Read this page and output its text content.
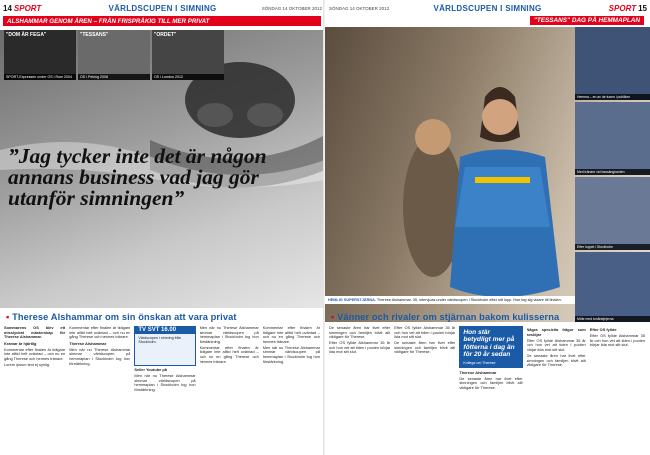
14 SPORT	VÄRLDSCUPEN I SIMNING	SÖNDAG 14 OKTOBER 2012
ALSHAMMAR GENOM ÅREN – FRÅN FRISPRÅKIG TILL MER PRIVAT
"DOM ÄR FEGA"
SPORT-Expressen under OS i Rom 2004
"TESSANS"
OS i Peking 2008
"ORDET"
OS i London 2012
”Jag tycker inte det är någon annans business vad jag gör utanför simningen”
▪ Therese Alshammar om sin önskan att vara privat

Sommarens OS blev ett misslyckat mästerskap för Therese Alshammar.

Kramar är hjärtlig

Kommentar efter finalen är tidigare inte alltid helt oväntad – och nu en gång Therese och hennes tränare.

Lorem ipsum text ej synlig.

Kommentar efter finalen är tidigare inte alltid helt oväntad – och nu en gång Therese och hennes tränare.

Therese Alshammar

Men när nu Therese Alshammar simmar världscupen på hemmaplan i Stockholm tog hon förstärkning.

TV SVT 16.00
Värdscupen i simning från Stockholm.

Seller Youtube på

Men när nu Therese Alshammar simmar världscupen på hemmaplan i Stockholm tog hon förstärkning.

Men när nu Therese Alshammar simmar världscupen på hemmaplan i Stockholm tog hon förstärkning.

Kommentar efter finalen är tidigare inte alltid helt oväntad – och nu en gång Therese och hennes tränare.

Kommentar efter finalen är tidigare inte alltid helt oväntad – och nu en gång Therese och hennes tränare.

Men när nu Therese Alshammar simmar världscupen på hemmaplan i Stockholm tog hon förstärkning.

SÖNDAG 14 OKTOBER 2012	VÄRLDSCUPEN I SIMNING	SPORT 15
"TESSANS" DAG PÅ HEMMAPLAN
Hemma – en av de tusen i publiken
Med tränare vid bassängkanten
Efter loppet i Stockholm
Möte med tonårstjejerna
HEMLIG SUPERSTJÄRNA. Therese Alshammar, 35, intervjuas under världscupen i Stockholm efter sitt lopp. Hon tog sig vidare till finalen.
▪ Vänner och rivaler om stjärnan bakom kulisserna

De senaste åren har livet efter simningen och familjen blivit allt viktigare för Therese.

Efter OS fyllde Alshammar 35 år och hon vet att tiden i poolen börjar lida mot sitt slut.

Efter OS fyllde Alshammar 35 år och hon vet att tiden i poolen börjar lida mot sitt slut.

De senaste åren har livet efter simningen och familjen blivit allt viktigare för Therese.

Hon stär betydligt mer på fötterna i dag än för 20 år sedan
Kollega om Therese

Therese Alshammar

De senaste åren har livet efter simningen och familjen blivit allt viktigare för Therese.

Några speciella frågor som avslöjar

Efter OS fyllde Alshammar 35 år och hon vet att tiden i poolen börjar lida mot sitt slut.

De senaste åren har livet efter simningen och familjen blivit allt viktigare för Therese.

Efter OS fyllde

Efter OS fyllde Alshammar 35 år och hon vet att tiden i poolen börjar lida mot sitt slut.
